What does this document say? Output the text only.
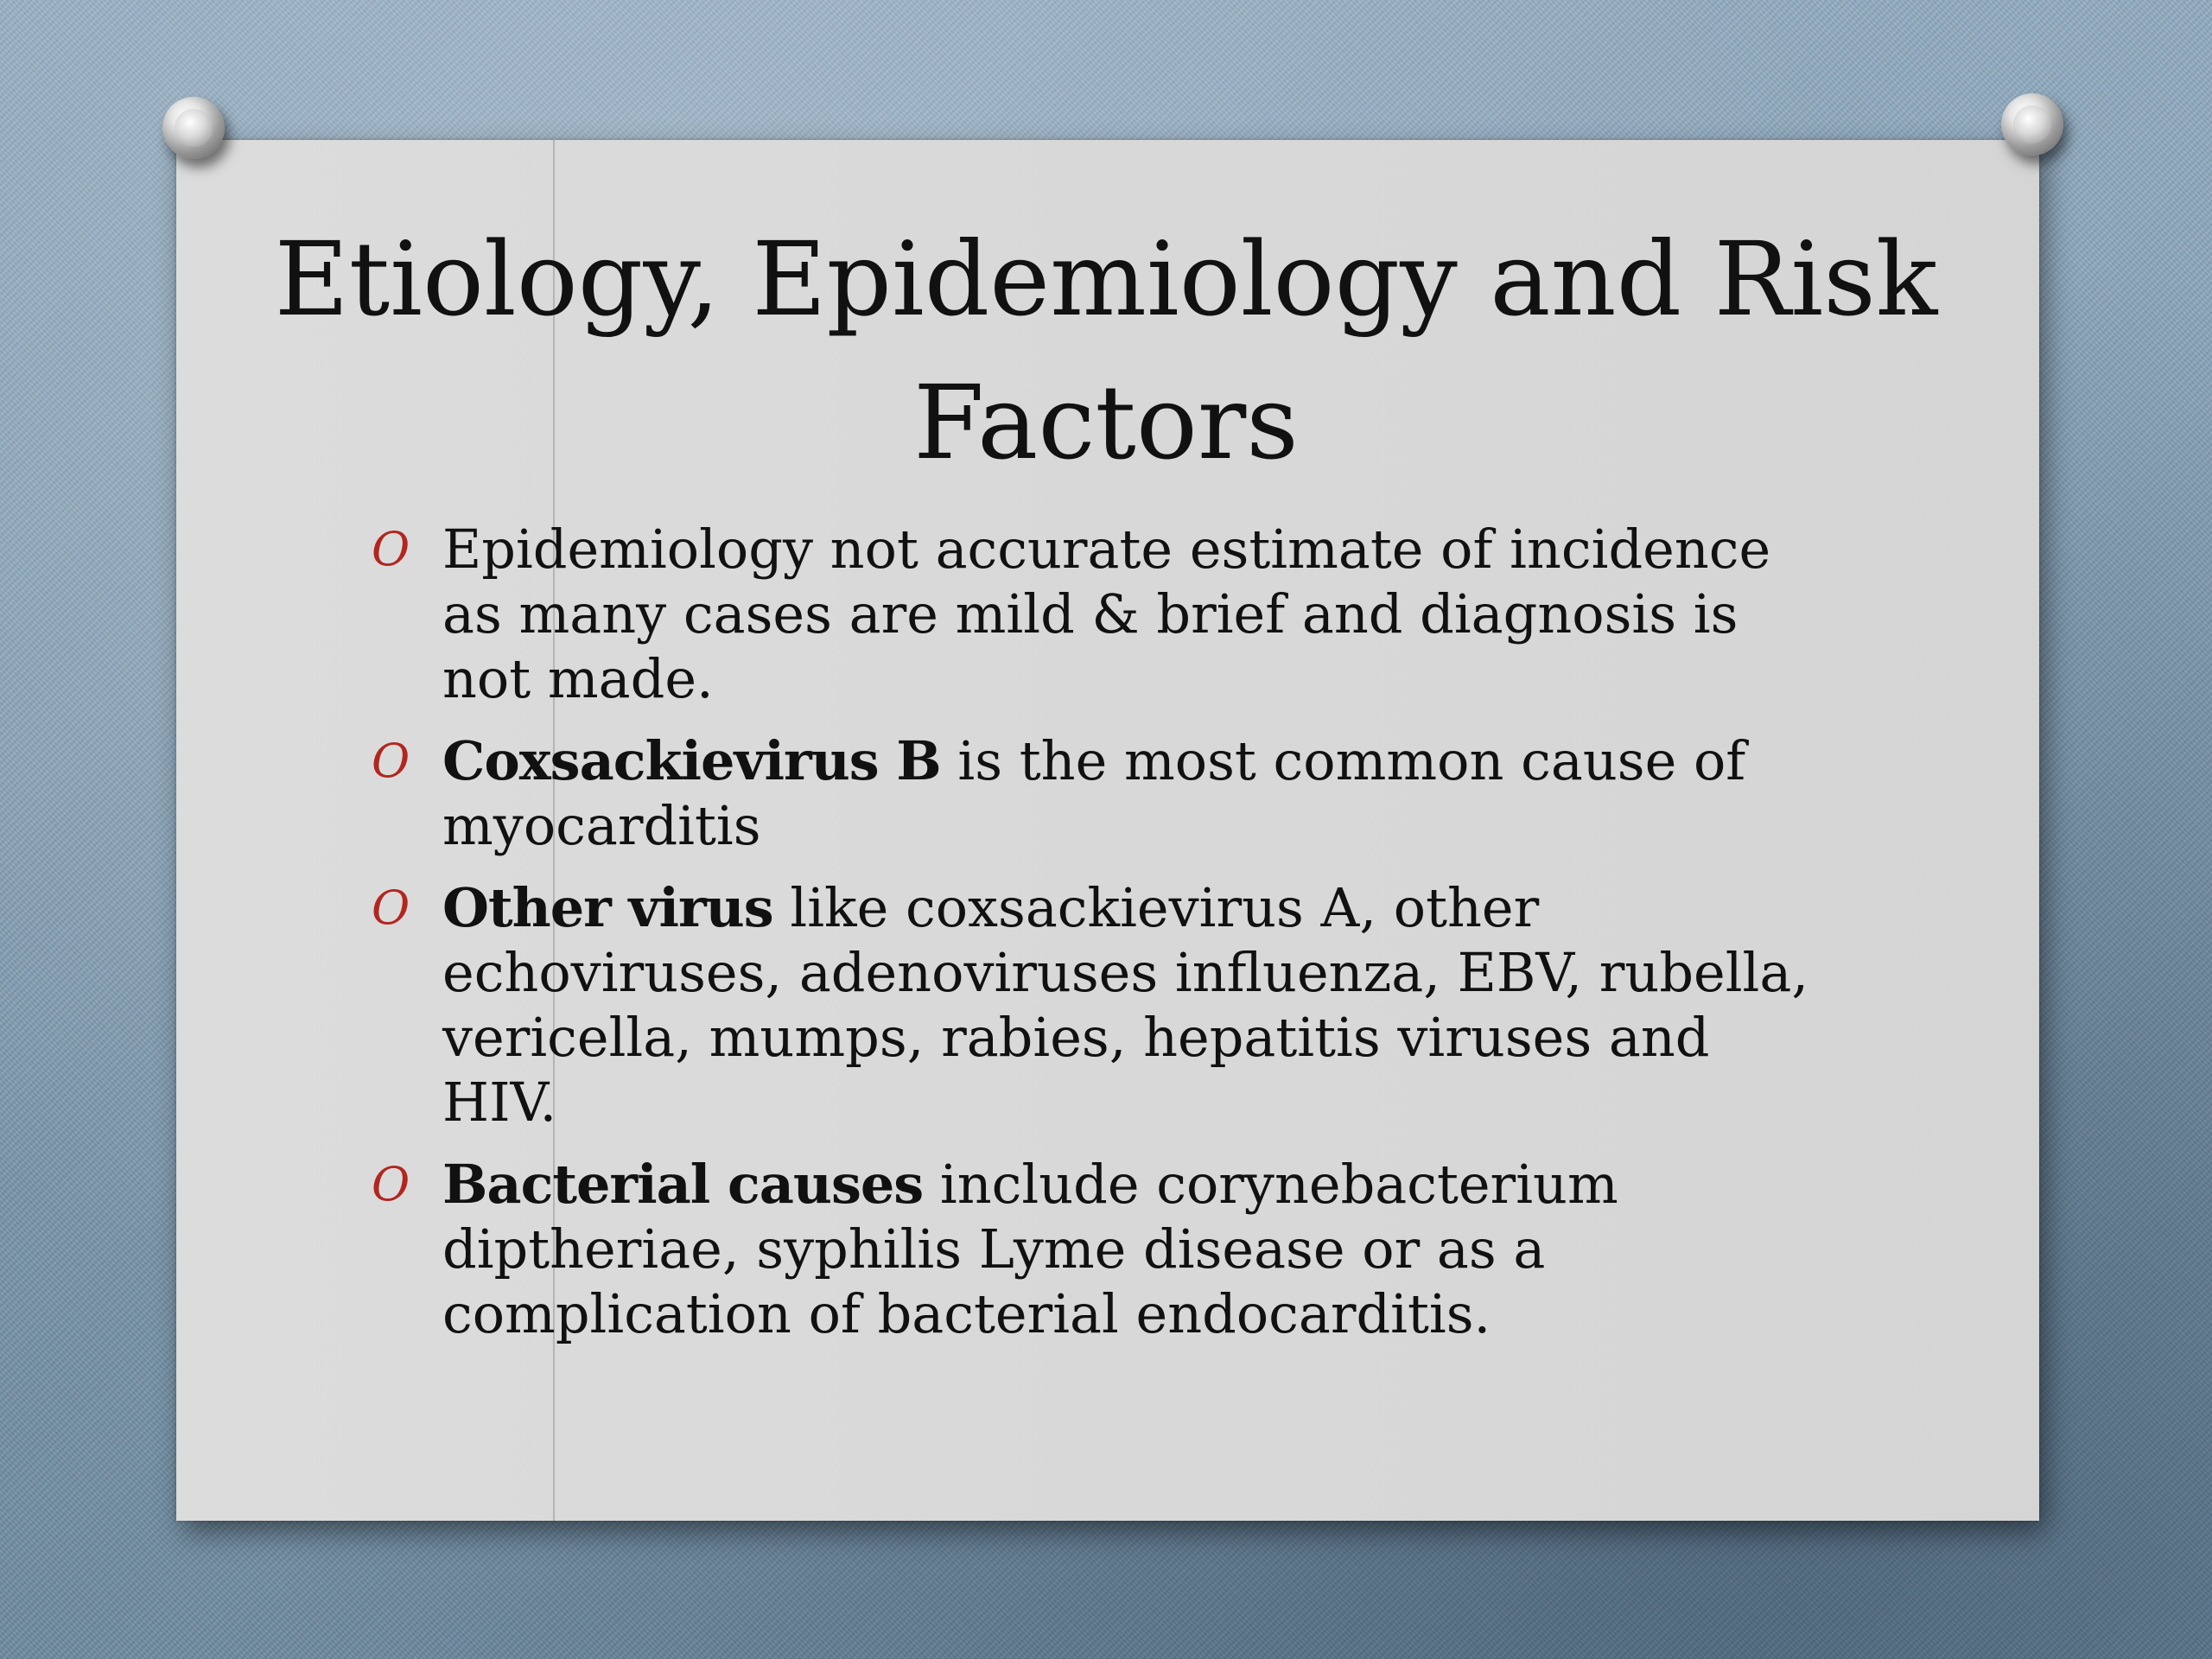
Etiology, Epidemiology and Risk Factors
O Epidemiology not accurate estimate of incidence as many cases are mild & brief and diagnosis is not made.
O Coxsackievirus B is the most common cause of myocarditis
O Other virus like coxsackievirus A, other echoviruses, adenoviruses influenza, EBV, rubella, vericella, mumps, rabies, hepatitis viruses and HIV.
O Bacterial causes include corynebacterium diptheriae, syphilis Lyme disease or as a complication of bacterial endocarditis.
